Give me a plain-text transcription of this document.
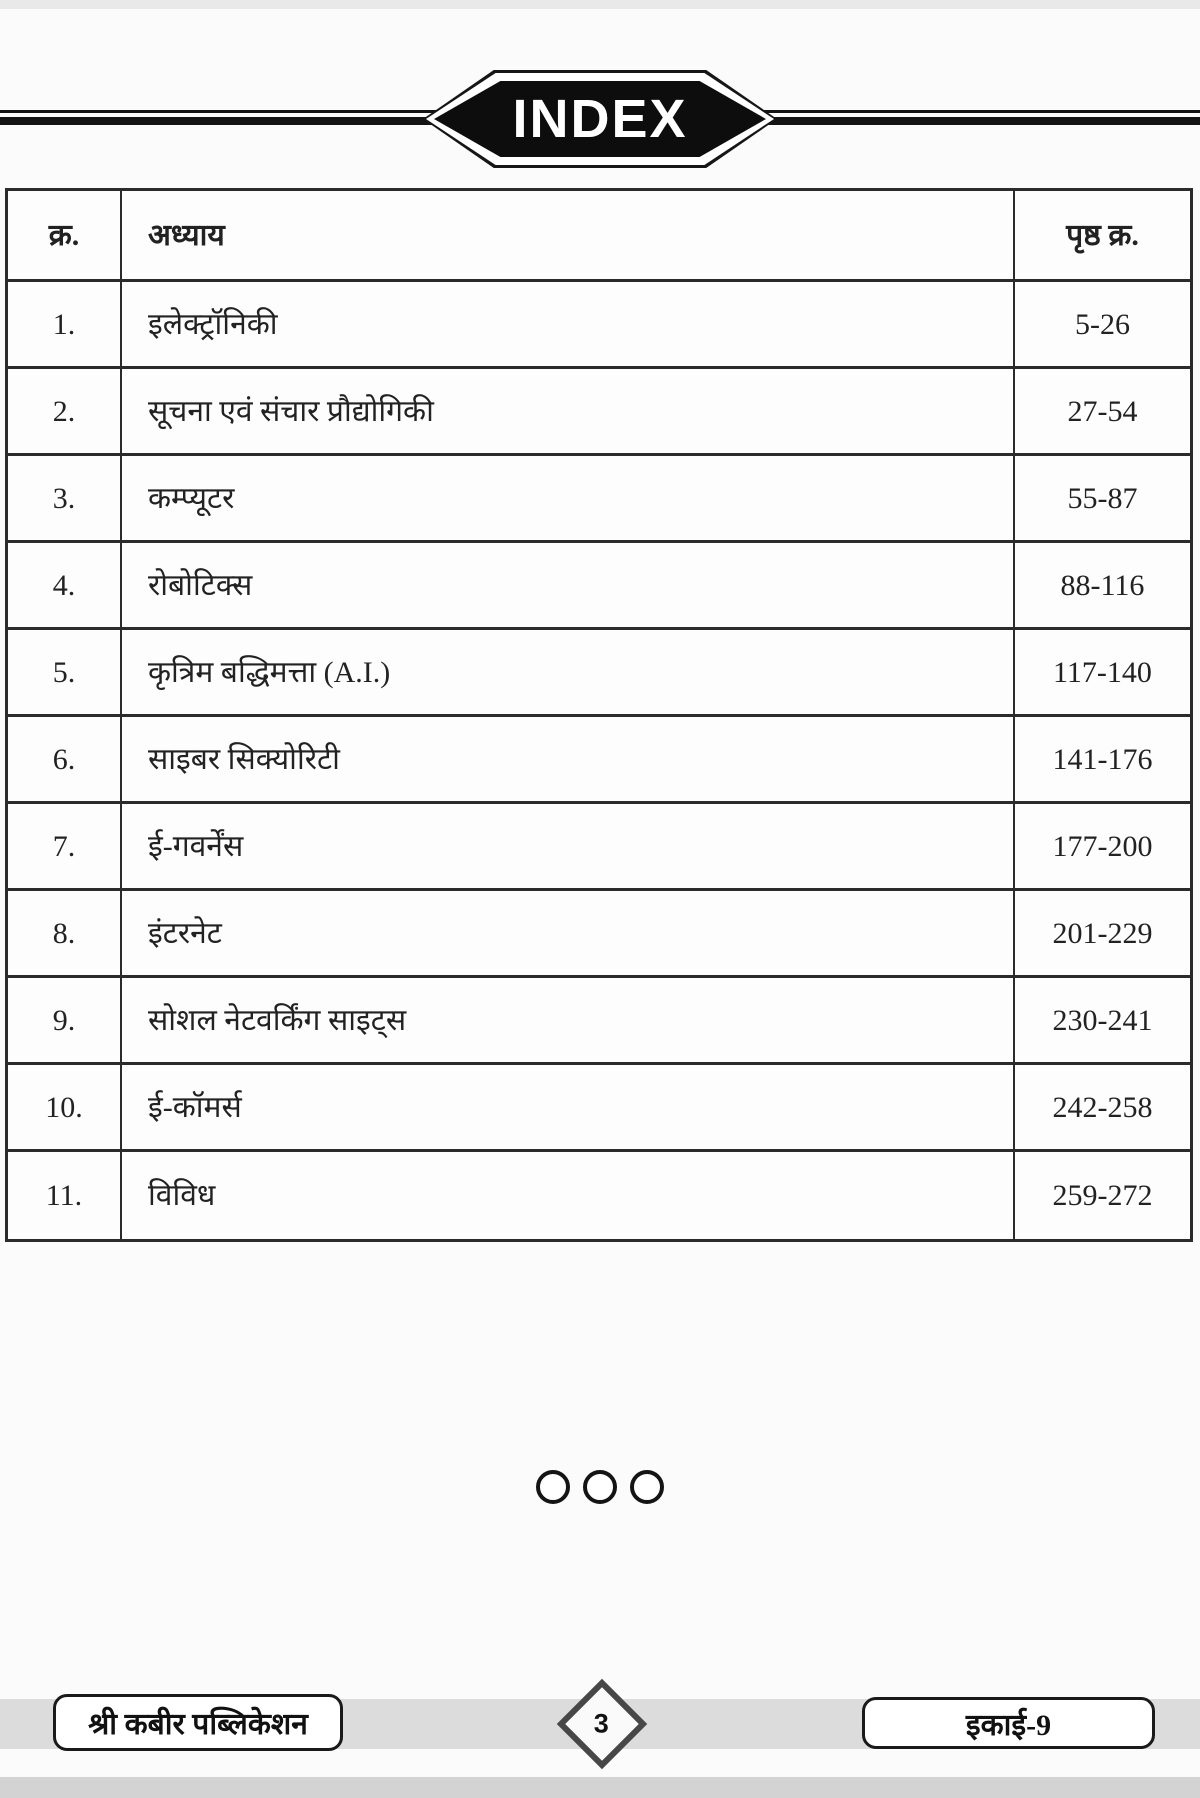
INDEX
क्र.	अध्याय	पृष्ठ क्र.
1.	इलेक्ट्रॉनिकी	5-26
2.	सूचना एवं संचार प्रौद्योगिकी	27-54
3.	कम्प्यूटर	55-87
4.	रोबोटिक्स	88-116
5.	कृत्रिम बद्धिमत्ता (A.I.)	117-140
6.	साइबर सिक्योरिटी	141-176
7.	ई-गवर्नेंस	177-200
8.	इंटरनेट	201-229
9.	सोशल नेटवर्किंग साइट्स	230-241
10.	ई-कॉमर्स	242-258
11.	विविध	259-272
श्री कबीर पब्लिकेशन	3	इकाई-9
